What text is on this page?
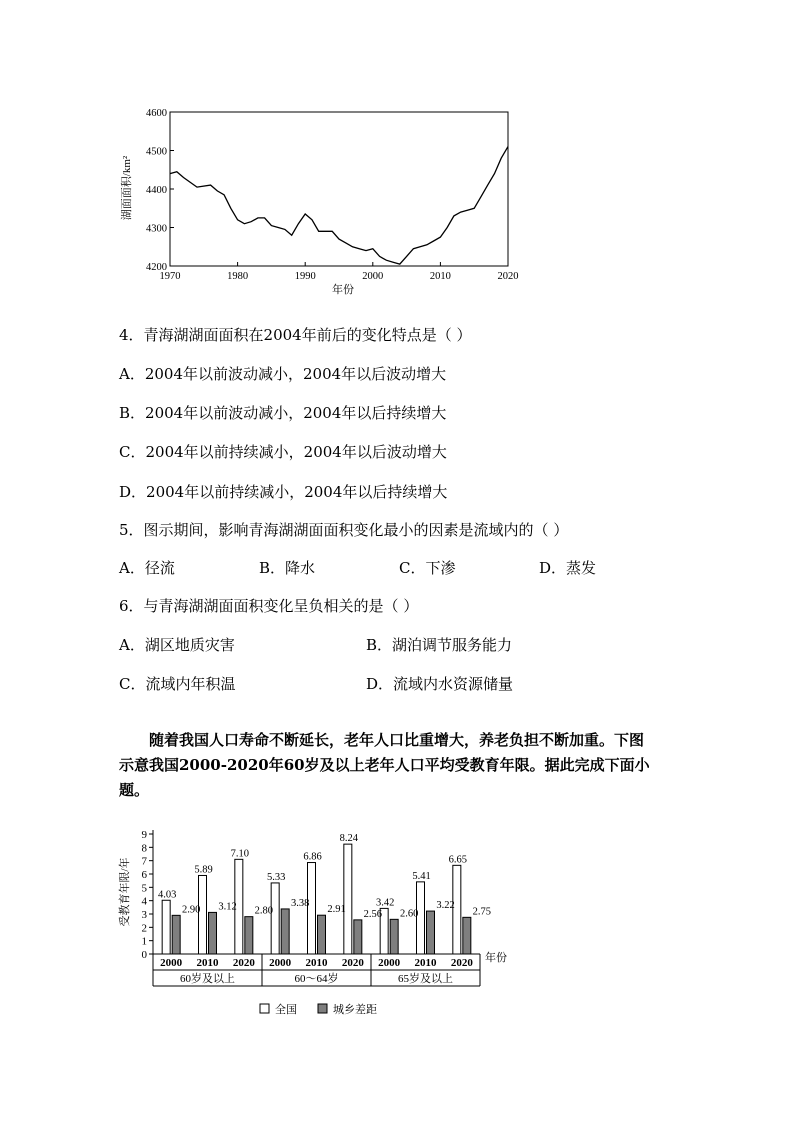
1970	1980	1990	2000	2010	2020
4200
4300
4400
4500
4600
湖面面积/km²
年份
4．青海湖湖面面积在2004年前后的变化特点是（ ）
A．2004年以前波动减小，2004年以后波动增大
B．2004年以前波动减小，2004年以后持续增大
C．2004年以前持续减小，2004年以后波动增大
D．2004年以前持续减小，2004年以后持续增大
5．图示期间，影响青海湖湖面面积变化最小的因素是流域内的（ ）
A．径流	B．降水	C．下渗	D．蒸发
6．与青海湖湖面面积变化呈负相关的是（ ）
A．湖区地质灾害	B．湖泊调节服务能力
C．流域内年积温	D．流域内水资源储量
随着我国人口寿命不断延长，老年人口比重增大，养老负担不断加重。下图
示意我国2000-2020年60岁及以上老年人口平均受教育年限。据此完成下面小
题。
4.03
2.90
5.89
3.12
7.10
2.80
5.33
3.38
6.86
2.91
8.24
2.56
3.42
2.60
5.41
3.22
6.65
2.75
0
1
2
3
4
5
6
7
8
9
2000 2010 2020 2000 2010 2020 2000 2010 2020
60岁及以上	60～64岁	65岁及以上
受教育年限/年
年份
全国	城乡差距
